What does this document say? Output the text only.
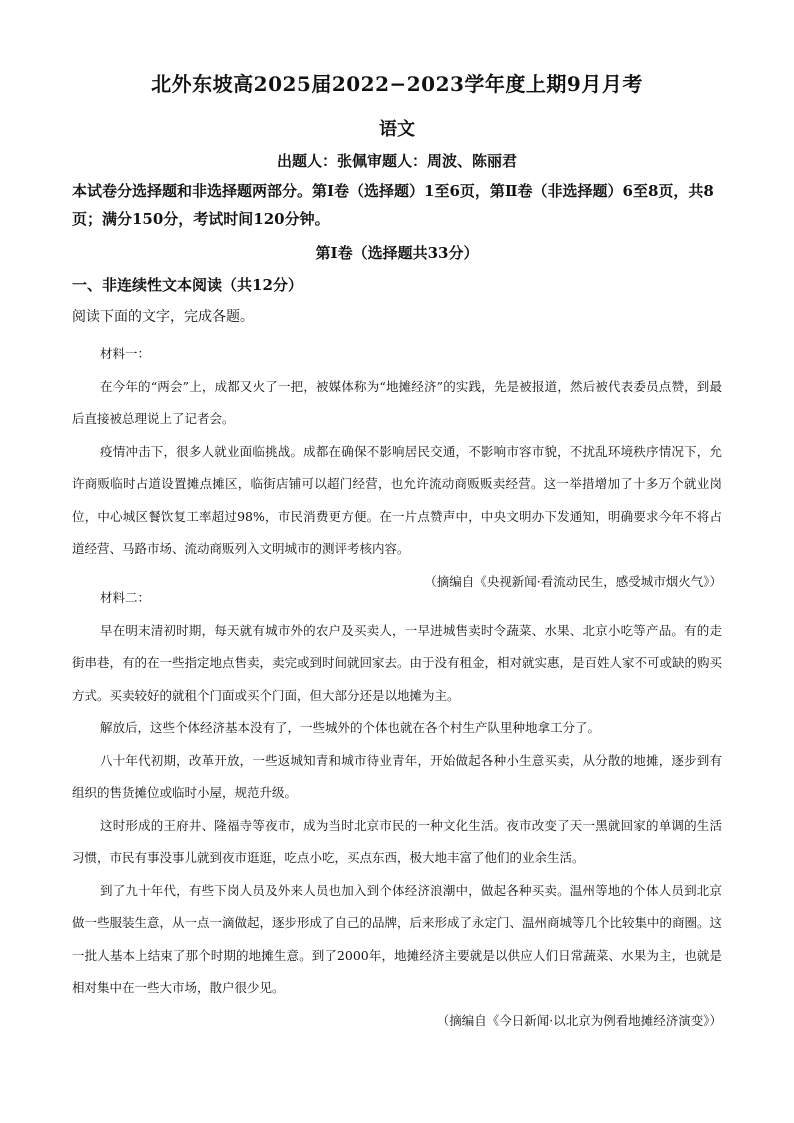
北外东坡高2025届2022−2023学年度上期9月月考
语文
出题人：张佩审题人：周波、陈丽君
本试卷分选择题和非选择题两部分。第Ⅰ卷（选择题）1至6页，第Ⅱ卷（非选择题）6至8页，共8页；满分150分，考试时间120分钟。
第Ⅰ卷（选择题共33分）
一、非连续性文本阅读（共12分）
阅读下面的文字，完成各题。

材料一：

在今年的“两会”上，成都又火了一把，被媒体称为“地摊经济”的实践，先是被报道，然后被代表委员点赞，到最后直接被总理说上了记者会。

疫情冲击下，很多人就业面临挑战。成都在确保不影响居民交通，不影响市容市貌，不扰乱环境秩序情况下，允许商贩临时占道设置摊点摊区，临街店铺可以超门经营，也允许流动商贩贩卖经营。这一举措增加了十多万个就业岗位，中心城区餐饮复工率超过98%，市民消费更方便。在一片点赞声中，中央文明办下发通知，明确要求今年不将占道经营、马路市场、流动商贩列入文明城市的测评考核内容。

（摘编自《央视新闻·看流动民生，感受城市烟火气》）

材料二：

早在明末清初时期，每天就有城市外的农户及买卖人，一早进城售卖时令蔬菜、水果、北京小吃等产品。有的走街串巷，有的在一些指定地点售卖，卖完或到时间就回家去。由于没有租金，相对就实惠，是百姓人家不可或缺的购买方式。买卖较好的就租个门面或买个门面，但大部分还是以地摊为主。

解放后，这些个体经济基本没有了，一些城外的个体也就在各个村生产队里种地拿工分了。

八十年代初期，改革开放，一些返城知青和城市待业青年，开始做起各种小生意买卖，从分散的地摊，逐步到有组织的售货摊位或临时小屋，规范升级。

这时形成的王府井、隆福寺等夜市，成为当时北京市民的一种文化生活。夜市改变了天一黑就回家的单调的生活习惯，市民有事没事儿就到夜市逛逛，吃点小吃，买点东西，极大地丰富了他们的业余生活。

到了九十年代，有些下岗人员及外来人员也加入到个体经济浪潮中，做起各种买卖。温州等地的个体人员到北京做一些服装生意，从一点一滴做起，逐步形成了自己的品牌，后来形成了永定门、温州商城等几个比较集中的商圈。这一批人基本上结束了那个时期的地摊生意。到了2000年，地摊经济主要就是以供应人们日常蔬菜、水果为主，也就是相对集中在一些大市场，散户很少见。

（摘编自《今日新闻·以北京为例看地摊经济演变》）
